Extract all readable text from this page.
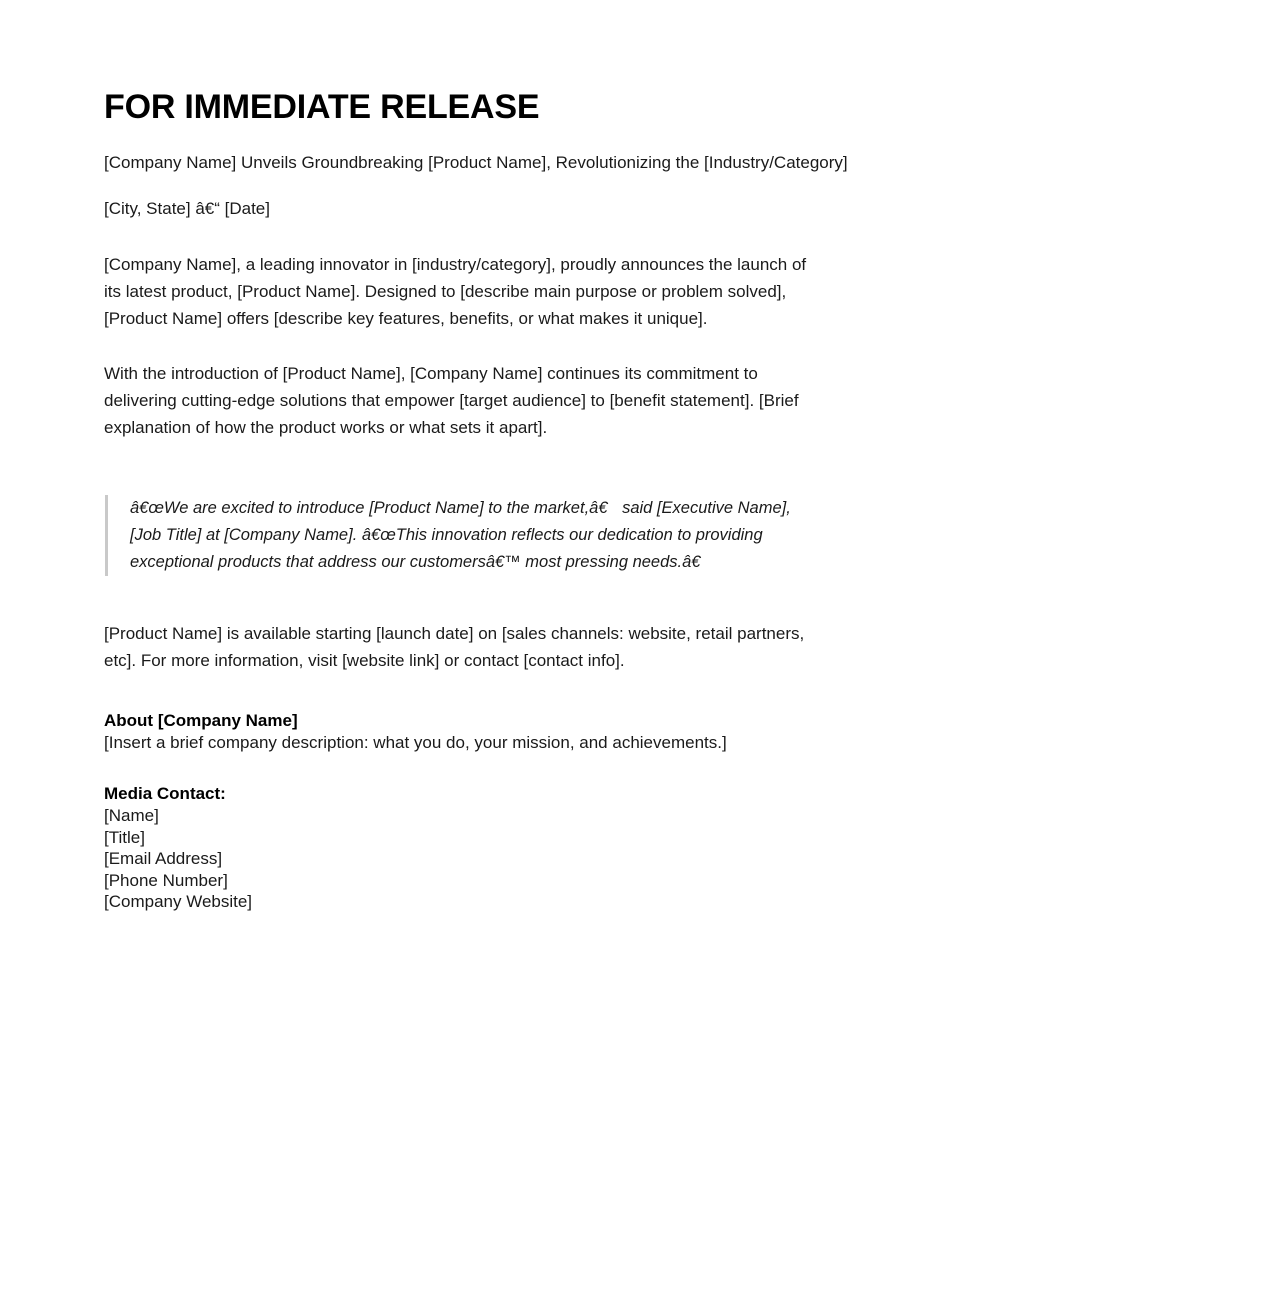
FOR IMMEDIATE RELEASE

[Company Name] Unveils Groundbreaking [Product Name], Revolutionizing the [Industry/Category]

[City, State] â€“ [Date]

[Company Name], a leading innovator in [industry/category], proudly announces the launch of its latest product, [Product Name]. Designed to [describe main purpose or problem solved], [Product Name] offers [describe key features, benefits, or what makes it unique].

With the introduction of [Product Name], [Company Name] continues its commitment to delivering cutting-edge solutions that empower [target audience] to [benefit statement]. [Brief explanation of how the product works or what sets it apart].

â€œWe are excited to introduce [Product Name] to the market,â€ said [Executive Name], [Job Title] at [Company Name]. â€œThis innovation reflects our dedication to providing exceptional products that address our customersâ€™ most pressing needs.â€

[Product Name] is available starting [launch date] on [sales channels: website, retail partners, etc]. For more information, visit [website link] or contact [contact info].

About [Company Name]

[Insert a brief company description: what you do, your mission, and achievements.]

Media Contact:

[Name]
[Title]
[Email Address]
[Phone Number]
[Company Website]
